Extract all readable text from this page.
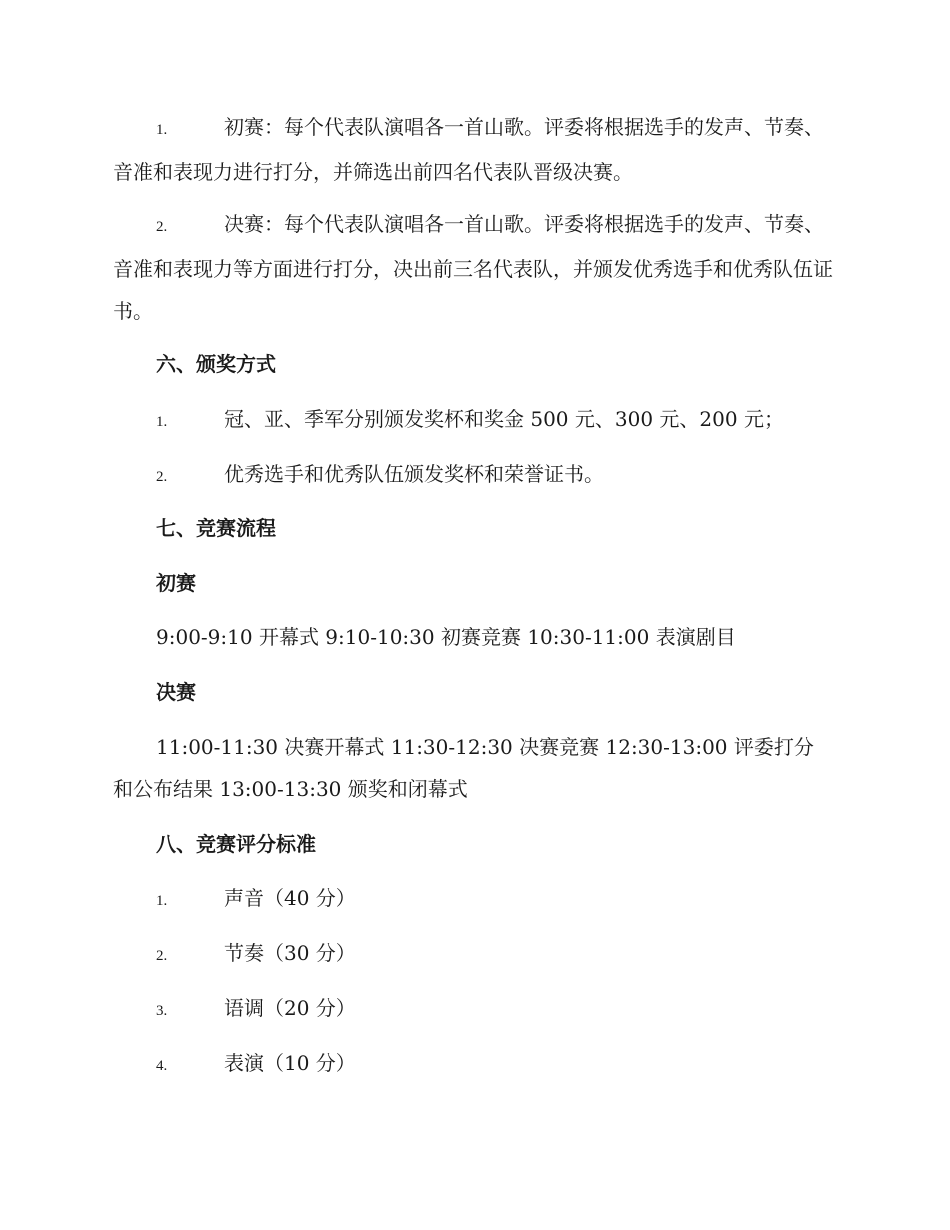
1.	初赛：每个代表队演唱各一首山歌。评委将根据选手的发声、节奏、音准和表现力进行打分，并筛选出前四名代表队晋级决赛。
2.	决赛：每个代表队演唱各一首山歌。评委将根据选手的发声、节奏、音准和表现力等方面进行打分，决出前三名代表队，并颁发优秀选手和优秀队伍证书。
六、颁奖方式
1.	冠、亚、季军分别颁发奖杯和奖金 500 元、300 元、200 元；
2.	优秀选手和优秀队伍颁发奖杯和荣誉证书。
七、竞赛流程
初赛
9:00-9:10 开幕式 9:10-10:30 初赛竞赛 10:30-11:00 表演剧目
决赛
11:00-11:30 决赛开幕式 11:30-12:30 决赛竞赛 12:30-13:00 评委打分和公布结果 13:00-13:30 颁奖和闭幕式
八、竞赛评分标准
1.	声音（40 分）
2.	节奏（30 分）
3.	语调（20 分）
4.	表演（10 分）
